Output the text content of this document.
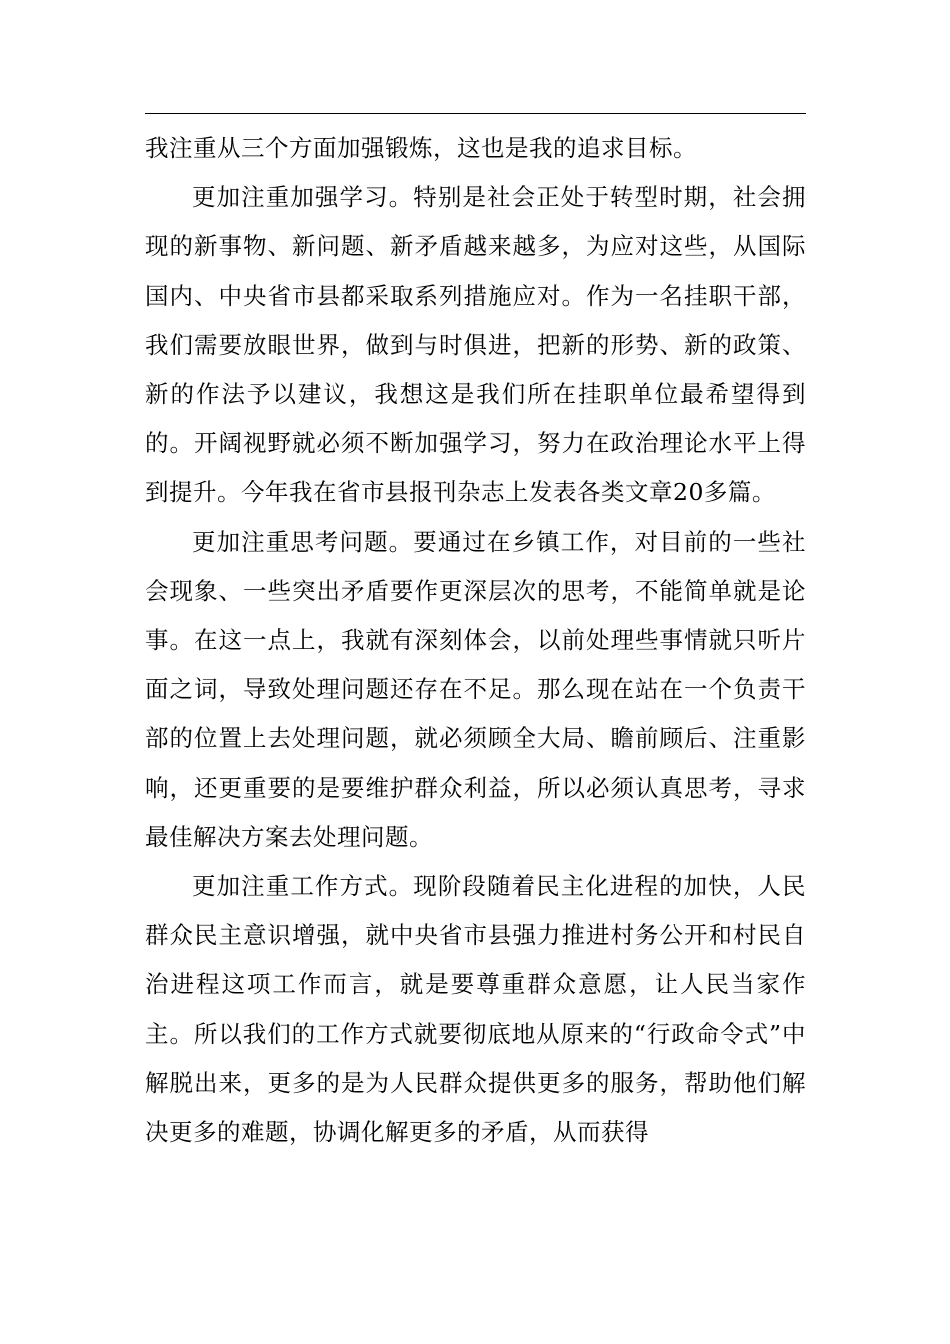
我注重从三个方面加强锻炼，这也是我的追求目标。

更加注重加强学习。特别是社会正处于转型时期，社会拥现的新事物、新问题、新矛盾越来越多，为应对这些，从国际国内、中央省市县都采取系列措施应对。作为一名挂职干部，我们需要放眼世界，做到与时俱进，把新的形势、新的政策、新的作法予以建议，我想这是我们所在挂职单位最希望得到的。开阔视野就必须不断加强学习，努力在政治理论水平上得到提升。今年我在省市县报刊杂志上发表各类文章20多篇。

更加注重思考问题。要通过在乡镇工作，对目前的一些社会现象、一些突出矛盾要作更深层次的思考，不能简单就是论事。在这一点上，我就有深刻体会，以前处理些事情就只听片面之词，导致处理问题还存在不足。那么现在站在一个负责干部的位置上去处理问题，就必须顾全大局、瞻前顾后、注重影响，还更重要的是要维护群众利益，所以必须认真思考，寻求最佳解决方案去处理问题。

更加注重工作方式。现阶段随着民主化进程的加快，人民群众民主意识增强，就中央省市县强力推进村务公开和村民自治进程这项工作而言，就是要尊重群众意愿，让人民当家作主。所以我们的工作方式就要彻底地从原来的“行政命令式”中解脱出来，更多的是为人民群众提供更多的服务，帮助他们解决更多的难题，协调化解更多的矛盾，从而获得
